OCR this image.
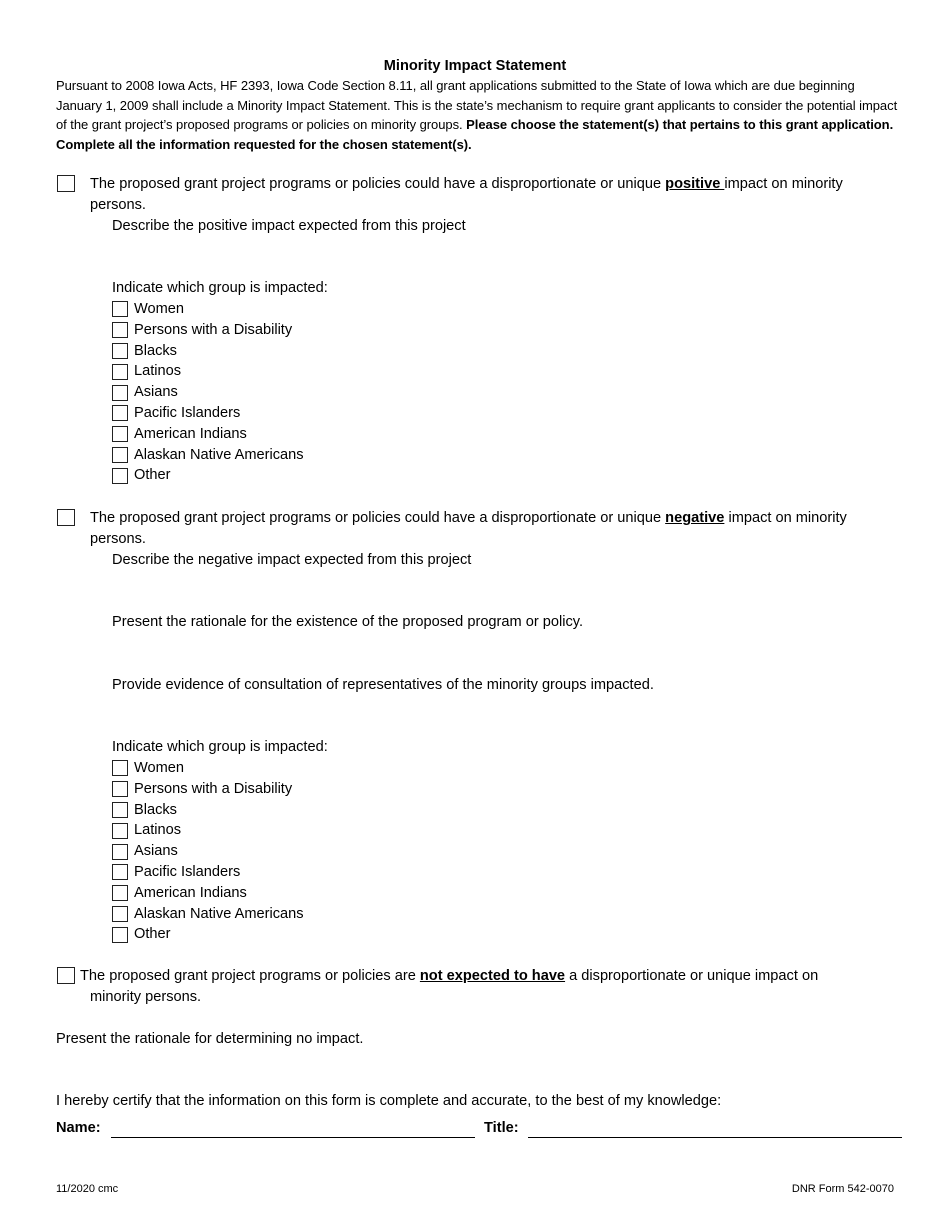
Minority Impact Statement
Pursuant to 2008 Iowa Acts, HF 2393, Iowa Code Section 8.11, all grant applications submitted to the State of Iowa which are due beginning January 1, 2009 shall include a Minority Impact Statement. This is the state’s mechanism to require grant applicants to consider the potential impact of the grant project’s proposed programs or policies on minority groups. Please choose the statement(s) that pertains to this grant application. Complete all the information requested for the chosen statement(s).
The proposed grant project programs or policies could have a disproportionate or unique positive impact on minority persons.
Describe the positive impact expected from this project
Indicate which group is impacted:
Women
Persons with a Disability
Blacks
Latinos
Asians
Pacific Islanders
American Indians
Alaskan Native Americans
Other
The proposed grant project programs or policies could have a disproportionate or unique negative impact on minority persons.
Describe the negative impact expected from this project
Present the rationale for the existence of the proposed program or policy.
Provide evidence of consultation of representatives of the minority groups impacted.
Indicate which group is impacted:
Women
Persons with a Disability
Blacks
Latinos
Asians
Pacific Islanders
American Indians
Alaskan Native Americans
Other
The proposed grant project programs or policies are not expected to have a disproportionate or unique impact on
minority persons.
Present the rationale for determining no impact.
I hereby certify that the information on this form is complete and accurate, to the best of my knowledge:
Name:	Title:
11/2020 cmc	DNR Form 542-0070
